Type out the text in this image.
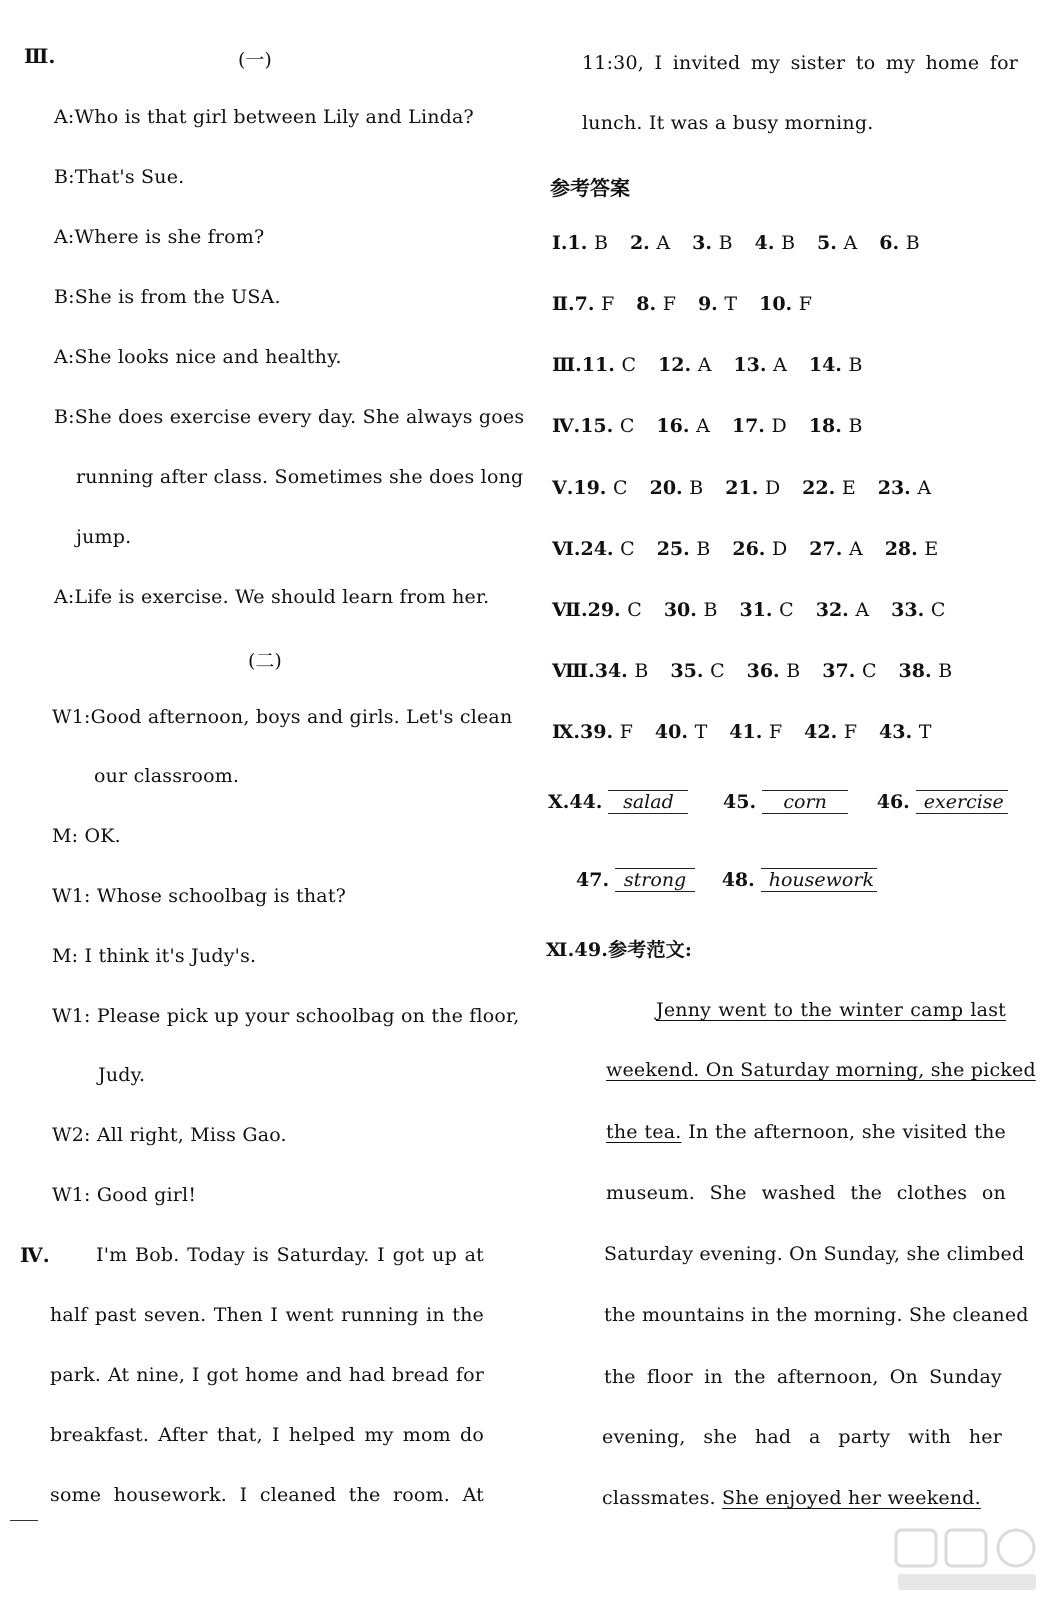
Ⅲ.	(一)
A:Who is that girl between Lily and Linda?
B:That's Sue.
A:Where is she from?
B:She is from the USA.
A:She looks nice and healthy.
B:She does exercise every day. She always goes
running after class. Sometimes she does long
jump.
A:Life is exercise. We should learn from her.
(二)
W1:Good afternoon, boys and girls. Let's clean
our classroom.
M: OK.
W1: Whose schoolbag is that?
M: I think it's Judy's.
W1: Please pick up your schoolbag on the floor,
Judy.
W2: All right, Miss Gao.
W1: Good girl!
Ⅳ. I'm Bob. Today is Saturday. I got up at
half past seven. Then I went running in the
park. At nine, I got home and had bread for
breakfast. After that, I helped my mom do
some housework. I cleaned the room. At
11:30, I invited my sister to my home for
lunch. It was a busy morning.
参考答案
Ⅰ.1. B 2. A 3. B 4. B 5. A 6. B
Ⅱ.7. F 8. F 9. T 10. F
Ⅲ.11. C 12. A 13. A 14. B
Ⅳ.15. C 16. A 17. D 18. B
Ⅴ.19. C 20. B 21. D 22. E 23. A
Ⅵ.24. C 25. B 26. D 27. A 28. E
Ⅶ.29. C 30. B 31. C 32. A 33. C
Ⅷ.34. B 35. C 36. B 37. C 38. B
Ⅸ.39. F 40. T 41. F 42. F 43. T
Ⅹ.44. salad	45. corn	46. exercise
47. strong 48. housework
Ⅺ.49.参考范文:
Jenny went to the winter camp last
weekend. On Saturday morning, she picked
the tea. In the afternoon, she visited the
museum. She washed the clothes on
Saturday evening. On Sunday, she climbed
the mountains in the morning. She cleaned
the floor in the afternoon, On Sunday
evening, she had a party with her
classmates. She enjoyed her weekend.
